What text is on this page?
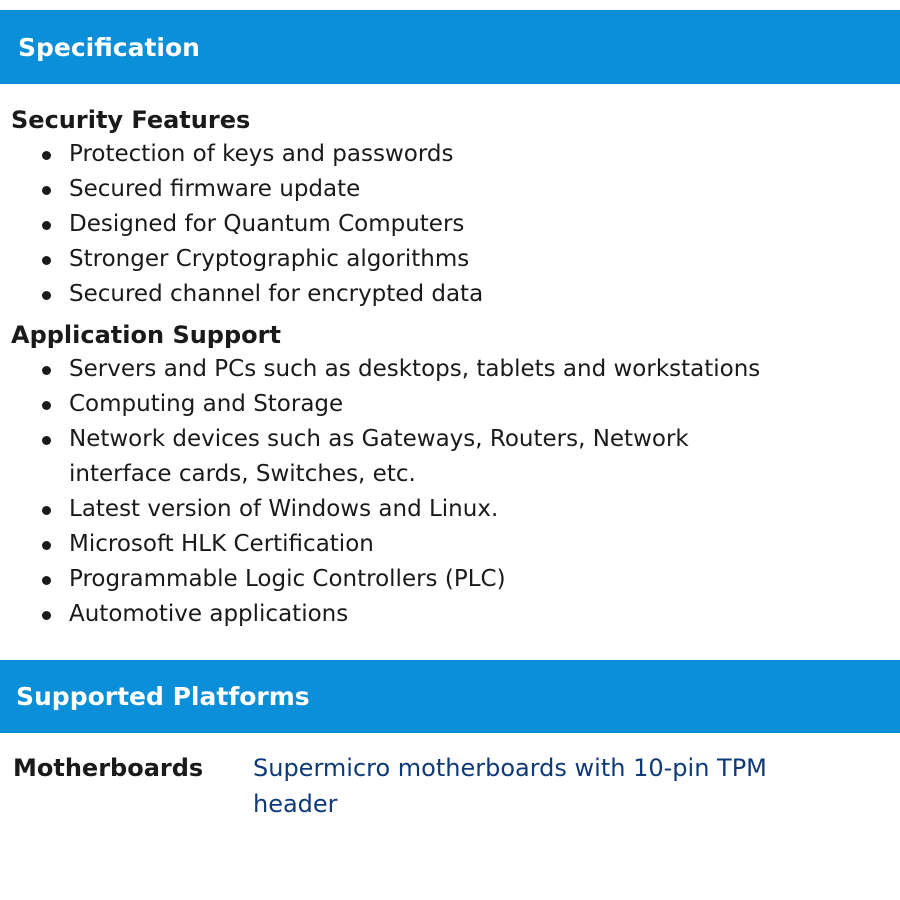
Specification
Security Features
Protection of keys and passwords
Secured firmware update
Designed for Quantum Computers
Stronger Cryptographic algorithms
Secured channel for encrypted data
Application Support
Servers and PCs such as desktops, tablets and workstations
Computing and Storage
Network devices such as Gateways, Routers, Network interface cards, Switches, etc.
Latest version of Windows and Linux.
Microsoft HLK Certification
Programmable Logic Controllers (PLC)
Automotive applications
Supported Platforms
Motherboards	Supermicro motherboards with 10-pin TPM header
